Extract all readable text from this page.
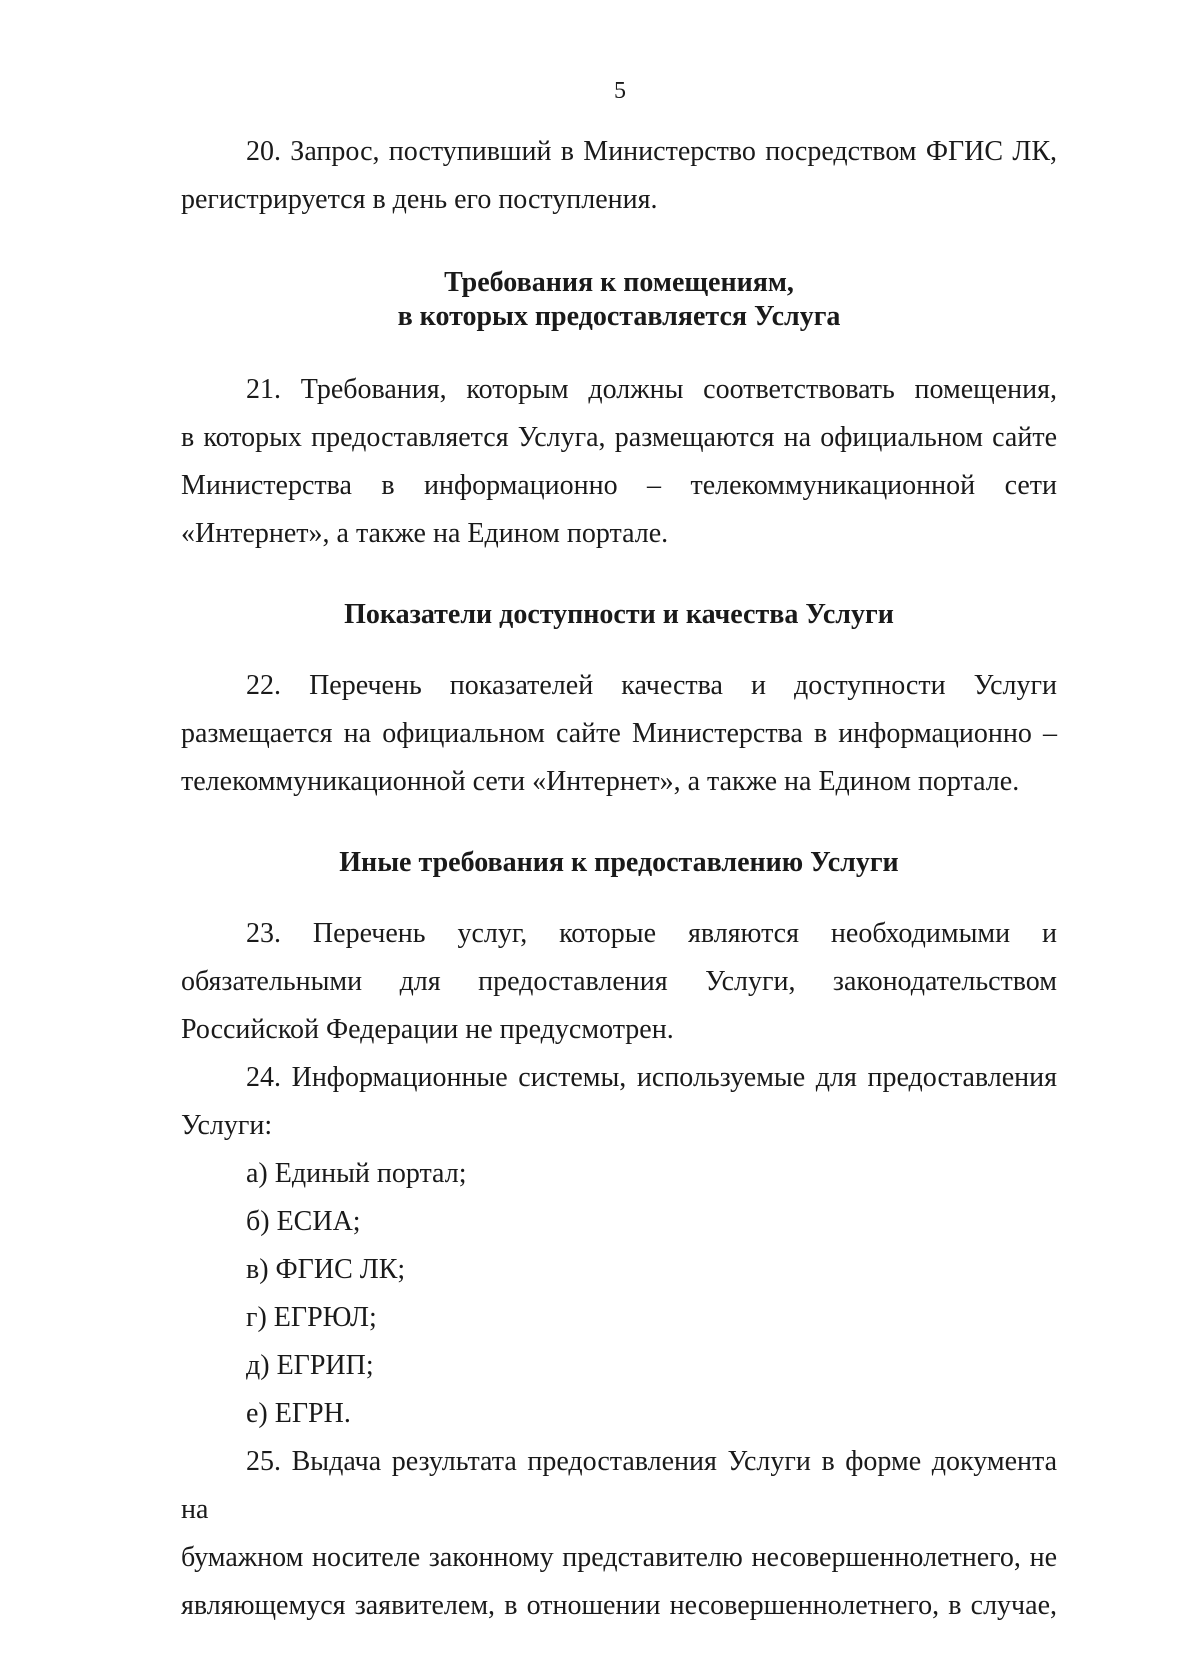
5
20. Запрос, поступивший в Министерство посредством ФГИС ЛК,
регистрируется в день его поступления.
Требования к помещениям,
в которых предоставляется Услуга
21. Требования, которым должны соответствовать помещения,
в которых предоставляется Услуга, размещаются на официальном сайте
Министерства в информационно – телекоммуникационной сети
«Интернет», а также на Едином портале.
Показатели доступности и качества Услуги
22. Перечень показателей качества и доступности Услуги
размещается на официальном сайте Министерства в информационно –
телекоммуникационной сети «Интернет», а также на Едином портале.
Иные требования к предоставлению Услуги
23. Перечень услуг, которые являются необходимыми и
обязательными для предоставления Услуги, законодательством
Российской Федерации не предусмотрен.
24. Информационные системы, используемые для предоставления
Услуги:
а) Единый портал;
б) ЕСИА;
в) ФГИС ЛК;
г) ЕГРЮЛ;
д) ЕГРИП;
е) ЕГРН.
25. Выдача результата предоставления Услуги в форме документа на
бумажном носителе законному представителю несовершеннолетнего, не
являющемуся заявителем, в отношении несовершеннолетнего, в случае,
